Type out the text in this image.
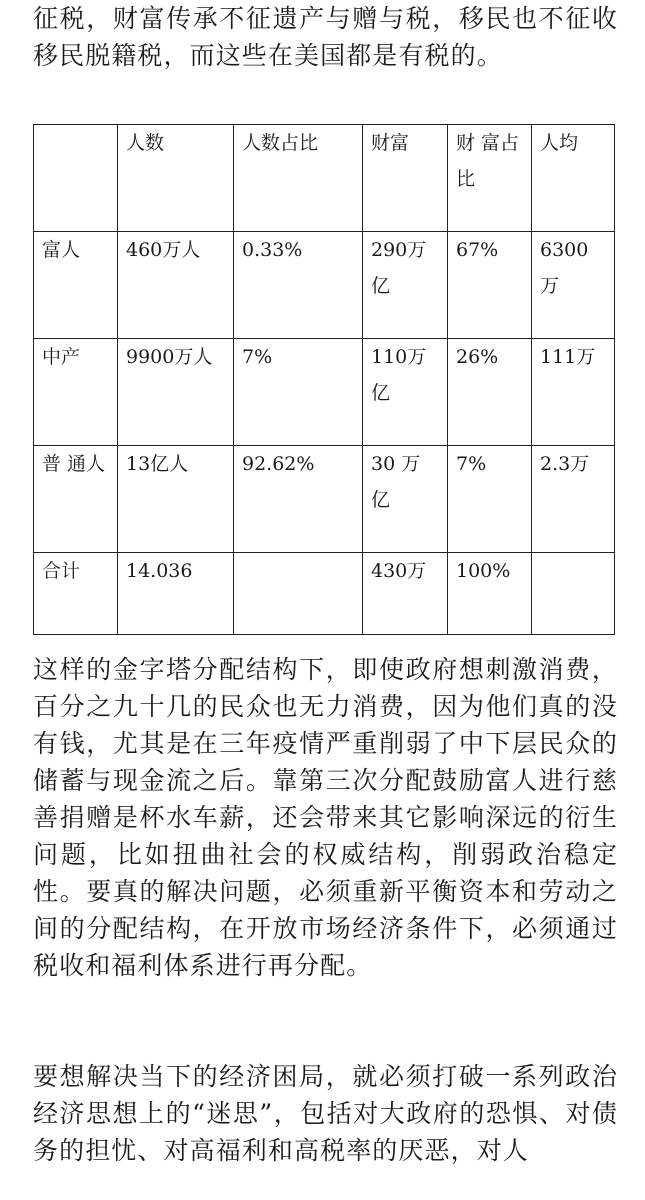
征税，财富传承不征遗产与赠与税，移民也不征收移民脱籍税，而这些在美国都是有税的。

	人数	人数占比	财富	财 富占比	人均
富人	460万人	0.33%	290万亿	67%	6300万
中产	9900万人	7%	110万亿	26%	111万
普 通人	13亿人	92.62%	30 万亿	7%	2.3万
合计	14.036		430万	100%	

这样的金字塔分配结构下，即使政府想刺激消费，百分之九十几的民众也无力消费，因为他们真的没有钱，尤其是在三年疫情严重削弱了中下层民众的储蓄与现金流之后。靠第三次分配鼓励富人进行慈善捐赠是杯水车薪，还会带来其它影响深远的衍生问题，比如扭曲社会的权威结构，削弱政治稳定性。要真的解决问题，必须重新平衡资本和劳动之间的分配结构，在开放市场经济条件下，必须通过税收和福利体系进行再分配。

要想解决当下的经济困局，就必须打破一系列政治经济思想上的“迷思”，包括对大政府的恐惧、对债务的担忧、对高福利和高税率的厌恶，对人
